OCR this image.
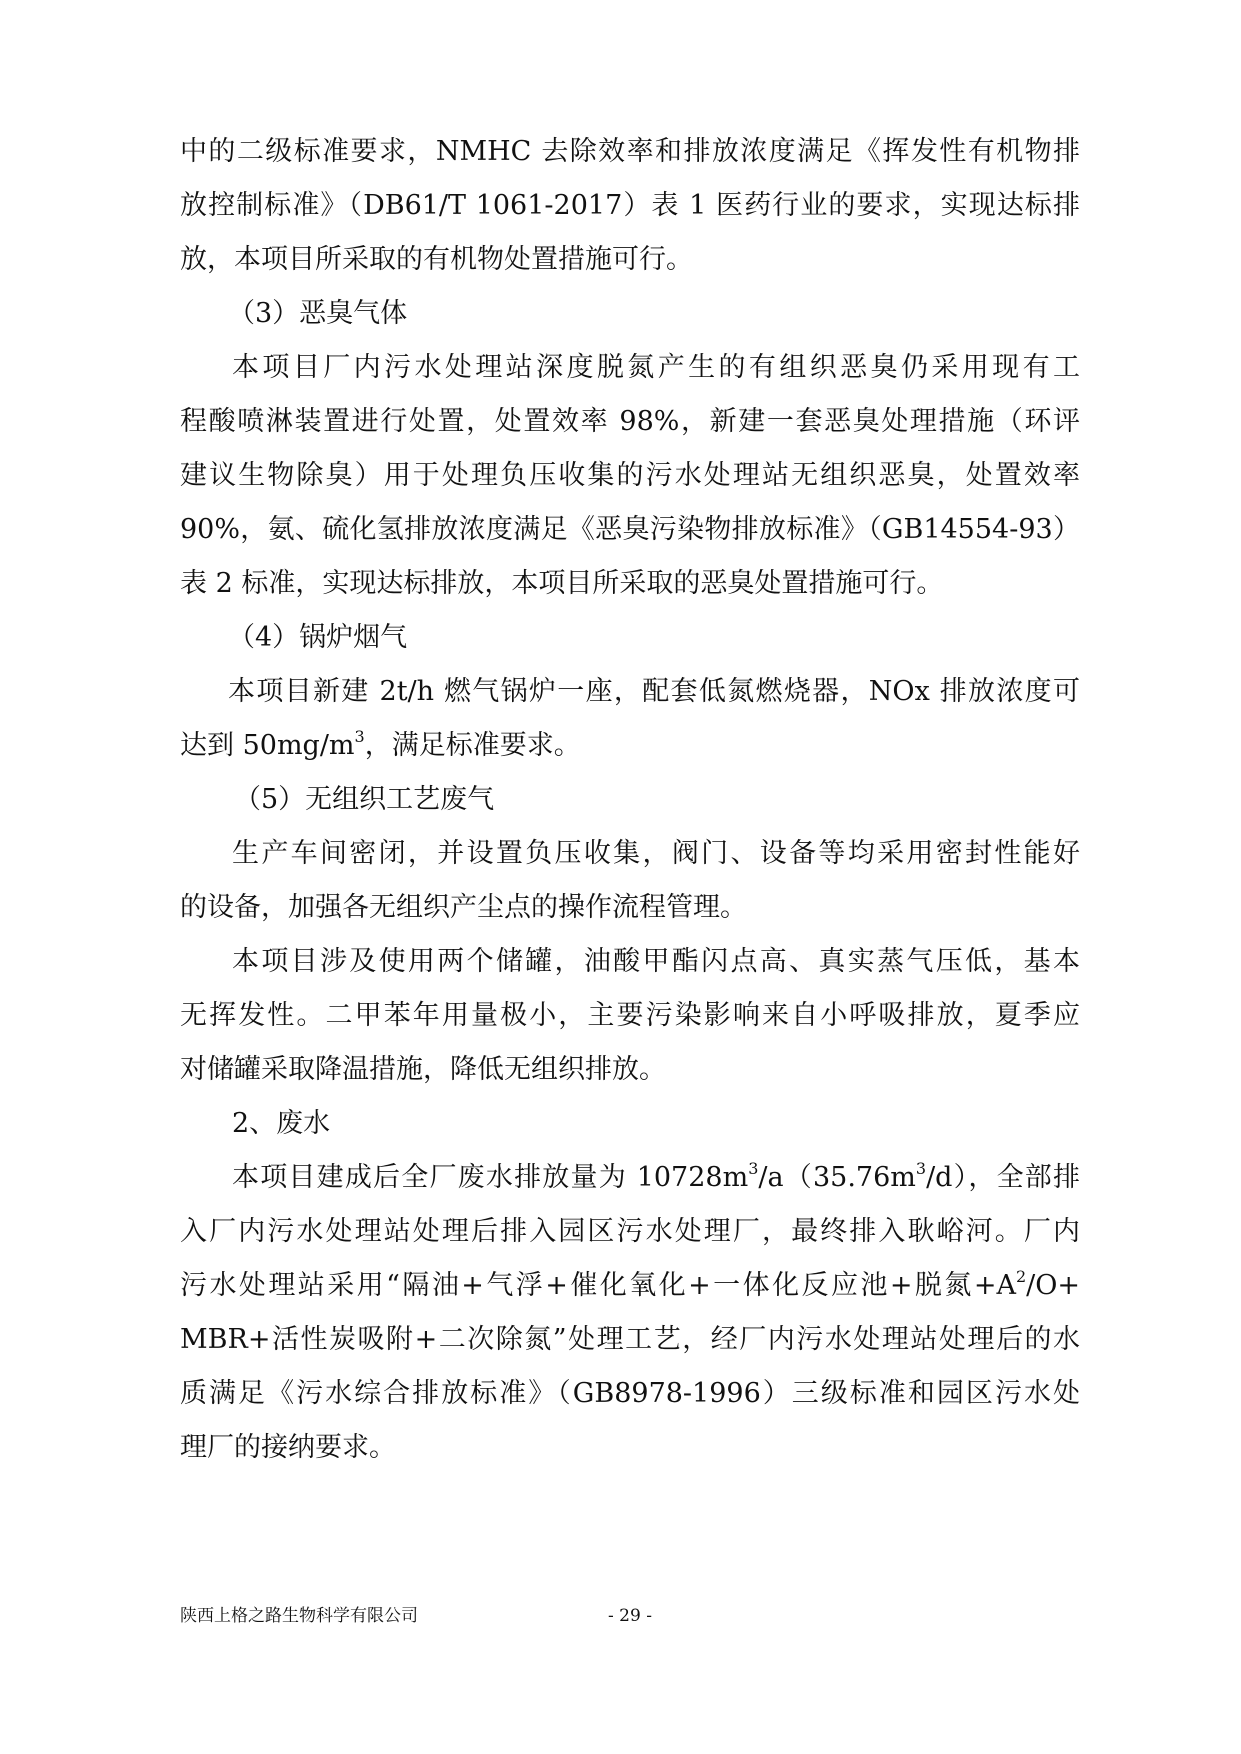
中的二级标准要求，NMHC 去除效率和排放浓度满足《挥发性有机物排
放控制标准》（DB61/T 1061-2017）表 1 医药行业的要求，实现达标排
放，本项目所采取的有机物处置措施可行。
（3）恶臭气体
本项目厂内污水处理站深度脱氮产生的有组织恶臭仍采用现有工
程酸喷淋装置进行处置，处置效率 98%，新建一套恶臭处理措施（环评
建议生物除臭）用于处理负压收集的污水处理站无组织恶臭，处置效率
90%，氨、硫化氢排放浓度满足《恶臭污染物排放标准》（GB14554-93）
表 2 标准，实现达标排放，本项目所采取的恶臭处置措施可行。
（4）锅炉烟气
本项目新建 2t/h 燃气锅炉一座，配套低氮燃烧器，NOx 排放浓度可
达到 $50mg/m^3$，满足标准要求。
（5）无组织工艺废气
生产车间密闭，并设置负压收集，阀门、设备等均采用密封性能好
的设备，加强各无组织产尘点的操作流程管理。
本项目涉及使用两个储罐，油酸甲酯闪点高、真实蒸气压低，基本
无挥发性。二甲苯年用量极小，主要污染影响来自小呼吸排放，夏季应
对储罐采取降温措施，降低无组织排放。
2、废水
本项目建成后全厂废水排放量为 $10728m^3/a(35.76m^3/d)$，全部排
入厂内污水处理站处理后排入园区污水处理厂，最终排入耿峪河。厂内
污水处理站采用“隔油+气浮+催化氧化+一体化反应池+脱氮$+A^2/O+$
MBR+活性炭吸附+二次除氮”处理工艺，经厂内污水处理站处理后的水
质满足《污水综合排放标准》（GB8978-1996）三级标准和园区污水处
理厂的接纳要求。
陕西上格之路生物科学有限公司	- 29 -
